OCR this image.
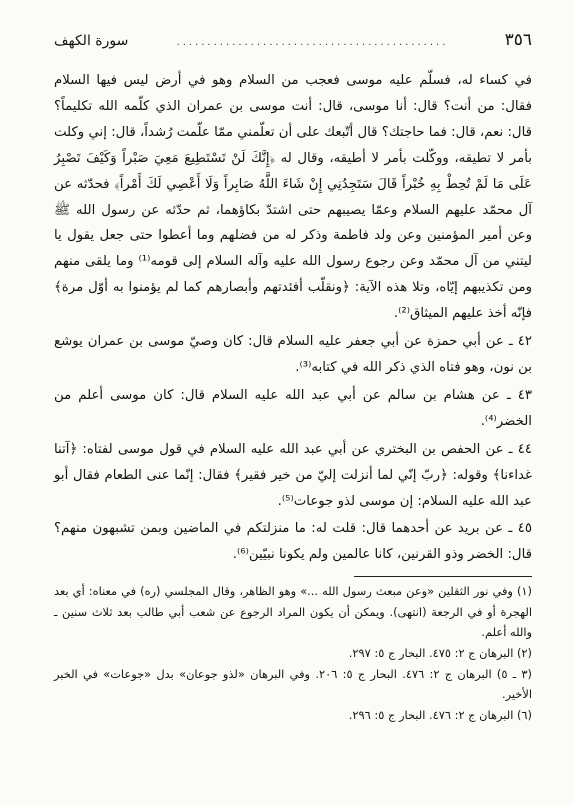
٣٥٦
............................................
سورة الكهف

في كساء له، فسلّم عليه موسى فعجب من السلام وهو في أرض ليس فيها السلام فقال: من أنت؟ قال: أنا موسى، قال: أنت موسى بن عمران الذي كلّمه الله تكليماً؟ قال: نعم، قال: فما حاجتك؟ قال أتّبعك على أن تعلّمني ممّا علّمت رُشداً، قال: إني وكلت بأمر لا تطيقه، ووكّلت بأمر لا أطيقه، وقال له ﴿إِنَّكَ لَنْ تَسْتَطِيعَ مَعِيَ صَبْراً وَكَيْفَ تَصْبِرُ عَلَى مَا لَمْ تُحِطْ بِهِ خُبْراً قَالَ سَتَجِدُنِي إِنْ شَاءَ اللَّهُ صَابِراً وَلَا أَعْصِي لَكَ أَمْراً﴾ فحدّثه عن آل محمّد عليهم السلام وعمّا يصيبهم حتى اشتدّ بكاؤهما، ثم حدّثه عن رسول الله ﷺ وعن أمير المؤمنين وعن ولد فاطمة وذكر له من فضلهم وما أعطوا حتى جعل يقول يا ليتني من آل محمّد وعن رجوع رسول الله عليه وآله السلام إلى قومه⁽¹⁾ وما يلقى منهم ومن تكذيبهم إيّاه، وتلا هذه الآية: ﴿ونقلّب أفئدتهم وأبصارهم كما لم يؤمنوا به أوّل مرة﴾ فإنّه أخذ عليهم الميثاق⁽²⁾.

٤٢ ـ عن أبي حمزة عن أبي جعفر عليه السلام قال: كان وصيّ موسى بن عمران يوشع بن نون، وهو فتاه الذي ذكر الله في كتابه⁽³⁾.

٤٣ ـ عن هشام بن سالم عن أبي عبد الله عليه السلام قال: كان موسى أعلم من الخضر⁽⁴⁾.

٤٤ ـ عن الحفص بن البختري عن أبي عبد الله عليه السلام في قول موسى لفتاه: ﴿آتنا غداءنا﴾ وقوله: ﴿ربّ إنّي لما أنزلت إليّ من خير فقير﴾ فقال: إنّما عنى الطعام فقال أبو عبد الله عليه السلام: إن موسى لذو جوعات⁽⁵⁾.

٤٥ ـ عن بريد عن أحدهما قال: قلت له: ما منزلتكم في الماضين وبمن تشبهون منهم؟ قال: الخضر وذو القرنين، كانا عالمين ولم يكونا نبيّين⁽⁶⁾.

(١) وفي نور الثقلين «وعن مبعث رسول الله ...» وهو الظاهر، وقال المجلسي (ره) في معناه: أي بعد الهجرة أو في الرجعة (انتهى). ويمكن أن يكون المراد الرجوع عن شعب أبي طالب بعد ثلاث سنين ـ والله أعلم.

(٢) البرهان ج ٢: ٤٧٥. البحار ج ٥: ٢٩٧.

(٣ ـ ٥) البرهان ج ٢: ٤٧٦. البحار ج ٥: ٢٠٦. وفي البرهان «لذو جوعان» بدل «جوعات» في الخبر الأخير.

(٦) البرهان ج ٢: ٤٧٦. البحار ج ٥: ٢٩٦.
